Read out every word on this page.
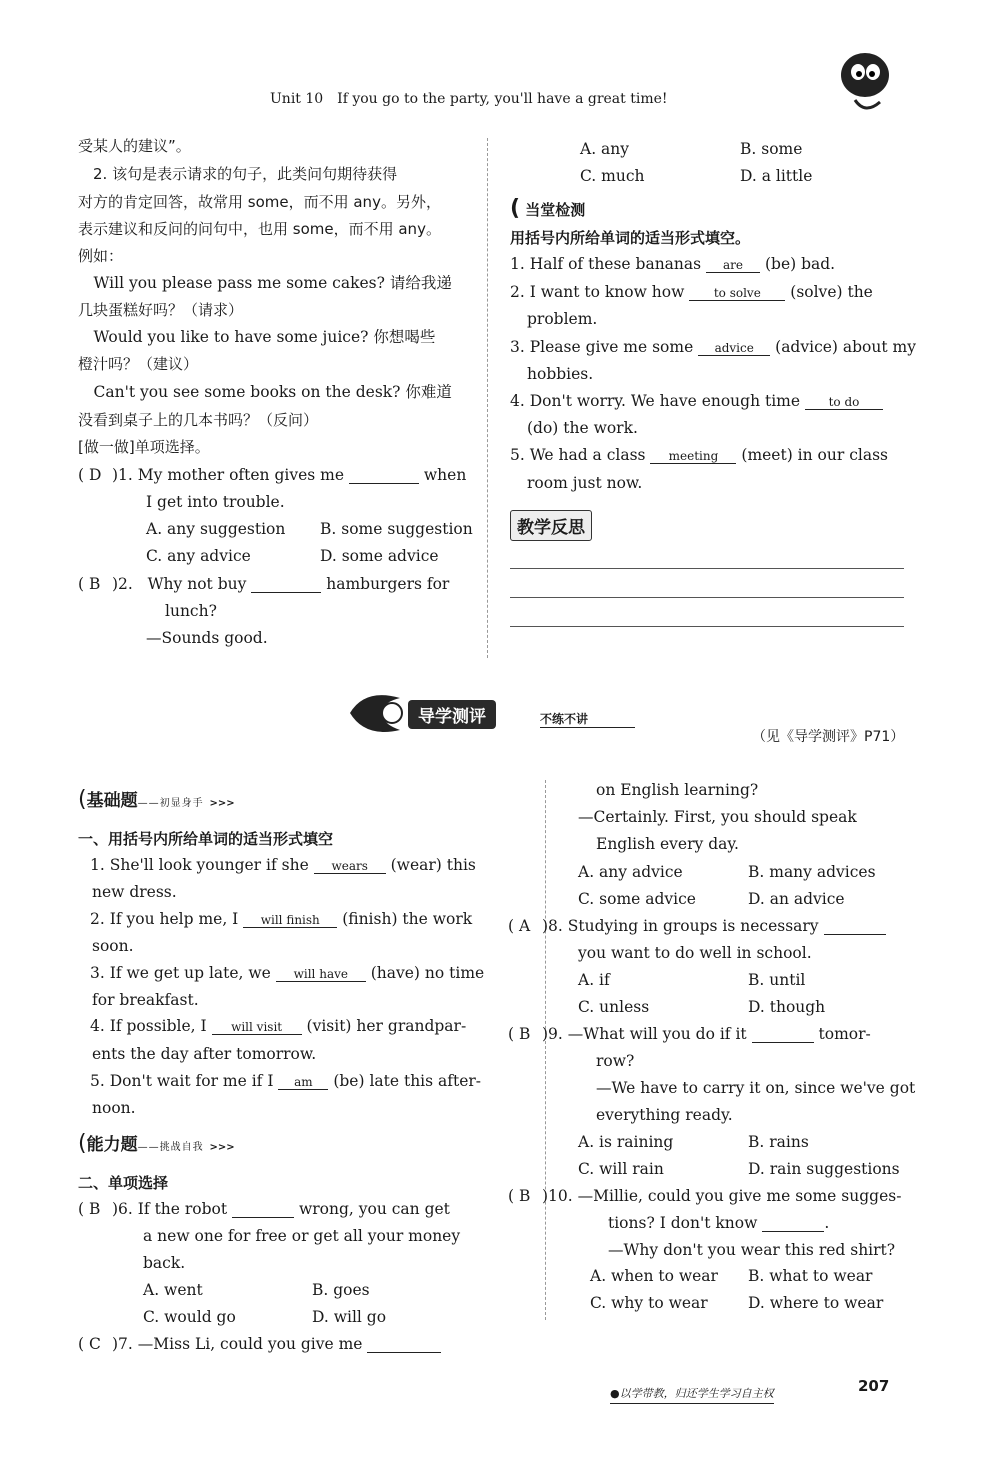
Unit 10　If you go to the party, you'll have a great time!
受某人的建议”。
　2. 该句是表示请求的句子，此类问句期待获得
对方的肯定回答，故常用 some，而不用 any。另外，
表示建议和反问的问句中，也用 some，而不用 any。
例如：
　Will you please pass me some cakes? 请给我递
几块蛋糕好吗？（请求）
　Would you like to have some juice? 你想喝些
橙汁吗？（建议）
　Can't you see some books on the desk? 你难道
没看到桌子上的几本书吗？（反问）
[做一做]单项选择。
( D )1. My mother often gives me	when
I get into trouble.
A. any suggestion B. some suggestion
C. any advice	D. some advice
( B )2. Why not buy	hamburgers for
lunch?
—Sounds good.
A. any	B. some
C. much	D. a little
( 当堂检测
用括号内所给单词的适当形式填空。
1. Half of these bananas are (be) bad.
2. I want to know how to solve (solve) the
problem.
3. Please give me some advice (advice) about my
hobbies.
4. Don't worry. We have enough time to do
(do) the work.
5. We had a class meeting (meet) in our class
room just now.
教学反思
导学测评	不练不讲
（见《导学测评》P71）
(基础题——初显身手 >>>
一、用括号内所给单词的适当形式填空
1. She'll look younger if she wears (wear) this
new dress.
2. If you help me, I will finish (finish) the work
soon.
3. If we get up late, we will have (have) no time
for breakfast.
4. If possible, I will visit (visit) her grandpar-
ents the day after tomorrow.
5. Don't wait for me if I am (be) late this after-
noon.
(能力题——挑战自我 >>>
二、单项选择
( B )6. If the robot	wrong, you can get
a new one for free or get all your money
back.
A. went	B. goes
C. would go	D. will go
( C )7. —Miss Li, could you give me
on English learning?
—Certainly. First, you should speak
English every day.
A. any advice	B. many advices
C. some advice	D. an advice
( A )8. Studying in groups is necessary
you want to do well in school.
A. if	B. until
C. unless	D. though
( B )9. —What will you do if it	tomor-
row?
—We have to carry it on, since we've got
everything ready.
A. is raining	B. rains
C. will rain	D. rain suggestions
( B )10. —Millie, could you give me some sugges-
tions? I don't know	.
—Why don't you wear this red shirt?
A. when to wear B. what to wear
C. why to wear	D. where to wear
●以学带教，归还学生学习自主权	207
